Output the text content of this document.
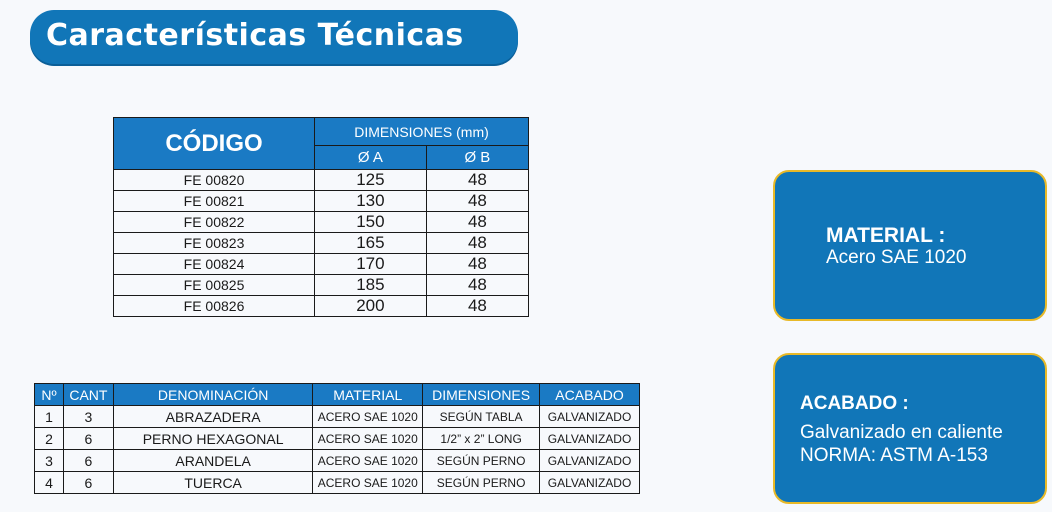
Características Técnicas
CÓDIGO	DIMENSIONES (mm)	
	Ø A	Ø B
FE 00820	125	48
FE 00821	130	48
FE 00822	150	48
FE 00823	165	48
FE 00824	170	48
FE 00825	185	48
FE 00826	200	48
Nº	CANT	DENOMINACIÓN	MATERIAL	DIMENSIONES	ACABADO
1	3	ABRAZADERA	ACERO SAE 1020	SEGÚN TABLA	GALVANIZADO
2	6	PERNO HEXAGONAL	ACERO SAE 1020	1/2” x 2” LONG	GALVANIZADO
3	6	ARANDELA	ACERO SAE 1020	SEGÚN PERNO	GALVANIZADO
4	6	TUERCA	ACERO SAE 1020	SEGÚN PERNO	GALVANIZADO
MATERIAL :
Acero SAE 1020
ACABADO :
Galvanizado en caliente
NORMA: ASTM A-153
